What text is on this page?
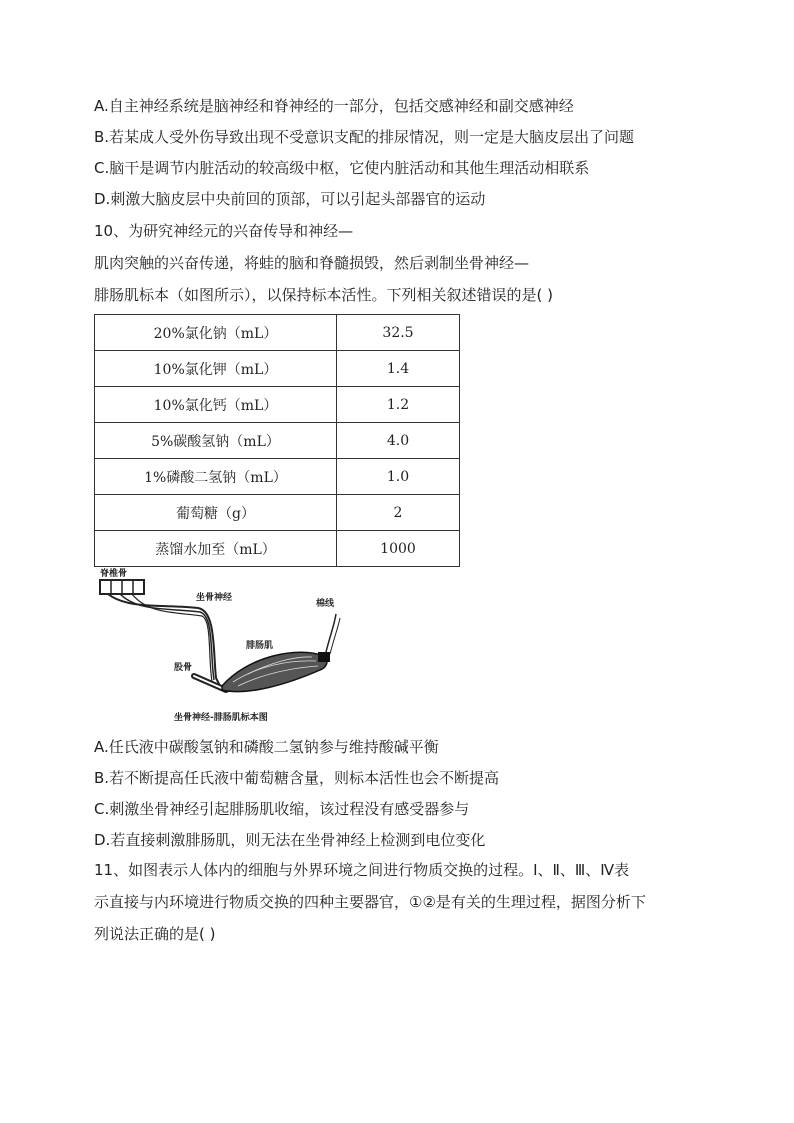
A.自主神经系统是脑神经和脊神经的一部分，包括交感神经和副交感神经
B.若某成人受外伤导致出现不受意识支配的排尿情况，则一定是大脑皮层出了问题
C.脑干是调节内脏活动的较高级中枢，它使内脏活动和其他生理活动相联系
D.刺激大脑皮层中央前回的顶部，可以引起头部器官的运动
10、为研究神经元的兴奋传导和神经—
肌肉突触的兴奋传递，将蛙的脑和脊髓损毁，然后剥制坐骨神经—
腓肠肌标本（如图所示），以保持标本活性。下列相关叙述错误的是( )
20%氯化钠（mL）	32.5
10%氯化钾（mL）	1.4
10%氯化钙（mL）	1.2
5%碳酸氢钠（mL）	4.0
1%磷酸二氢钠（mL）	1.0
葡萄糖（g）	2
蒸馏水加至（mL）	1000
脊椎骨
坐骨神经
棉线
腓肠肌
股骨
坐骨神经-腓肠肌标本图
A.任氏液中碳酸氢钠和磷酸二氢钠参与维持酸碱平衡
B.若不断提高任氏液中葡萄糖含量，则标本活性也会不断提高
C.刺激坐骨神经引起腓肠肌收缩，该过程没有感受器参与
D.若直接刺激腓肠肌，则无法在坐骨神经上检测到电位变化
11、如图表示人体内的细胞与外界环境之间进行物质交换的过程。Ⅰ、Ⅱ、Ⅲ、Ⅳ表
示直接与内环境进行物质交换的四种主要器官，①②是有关的生理过程，据图分析下
列说法正确的是( )
